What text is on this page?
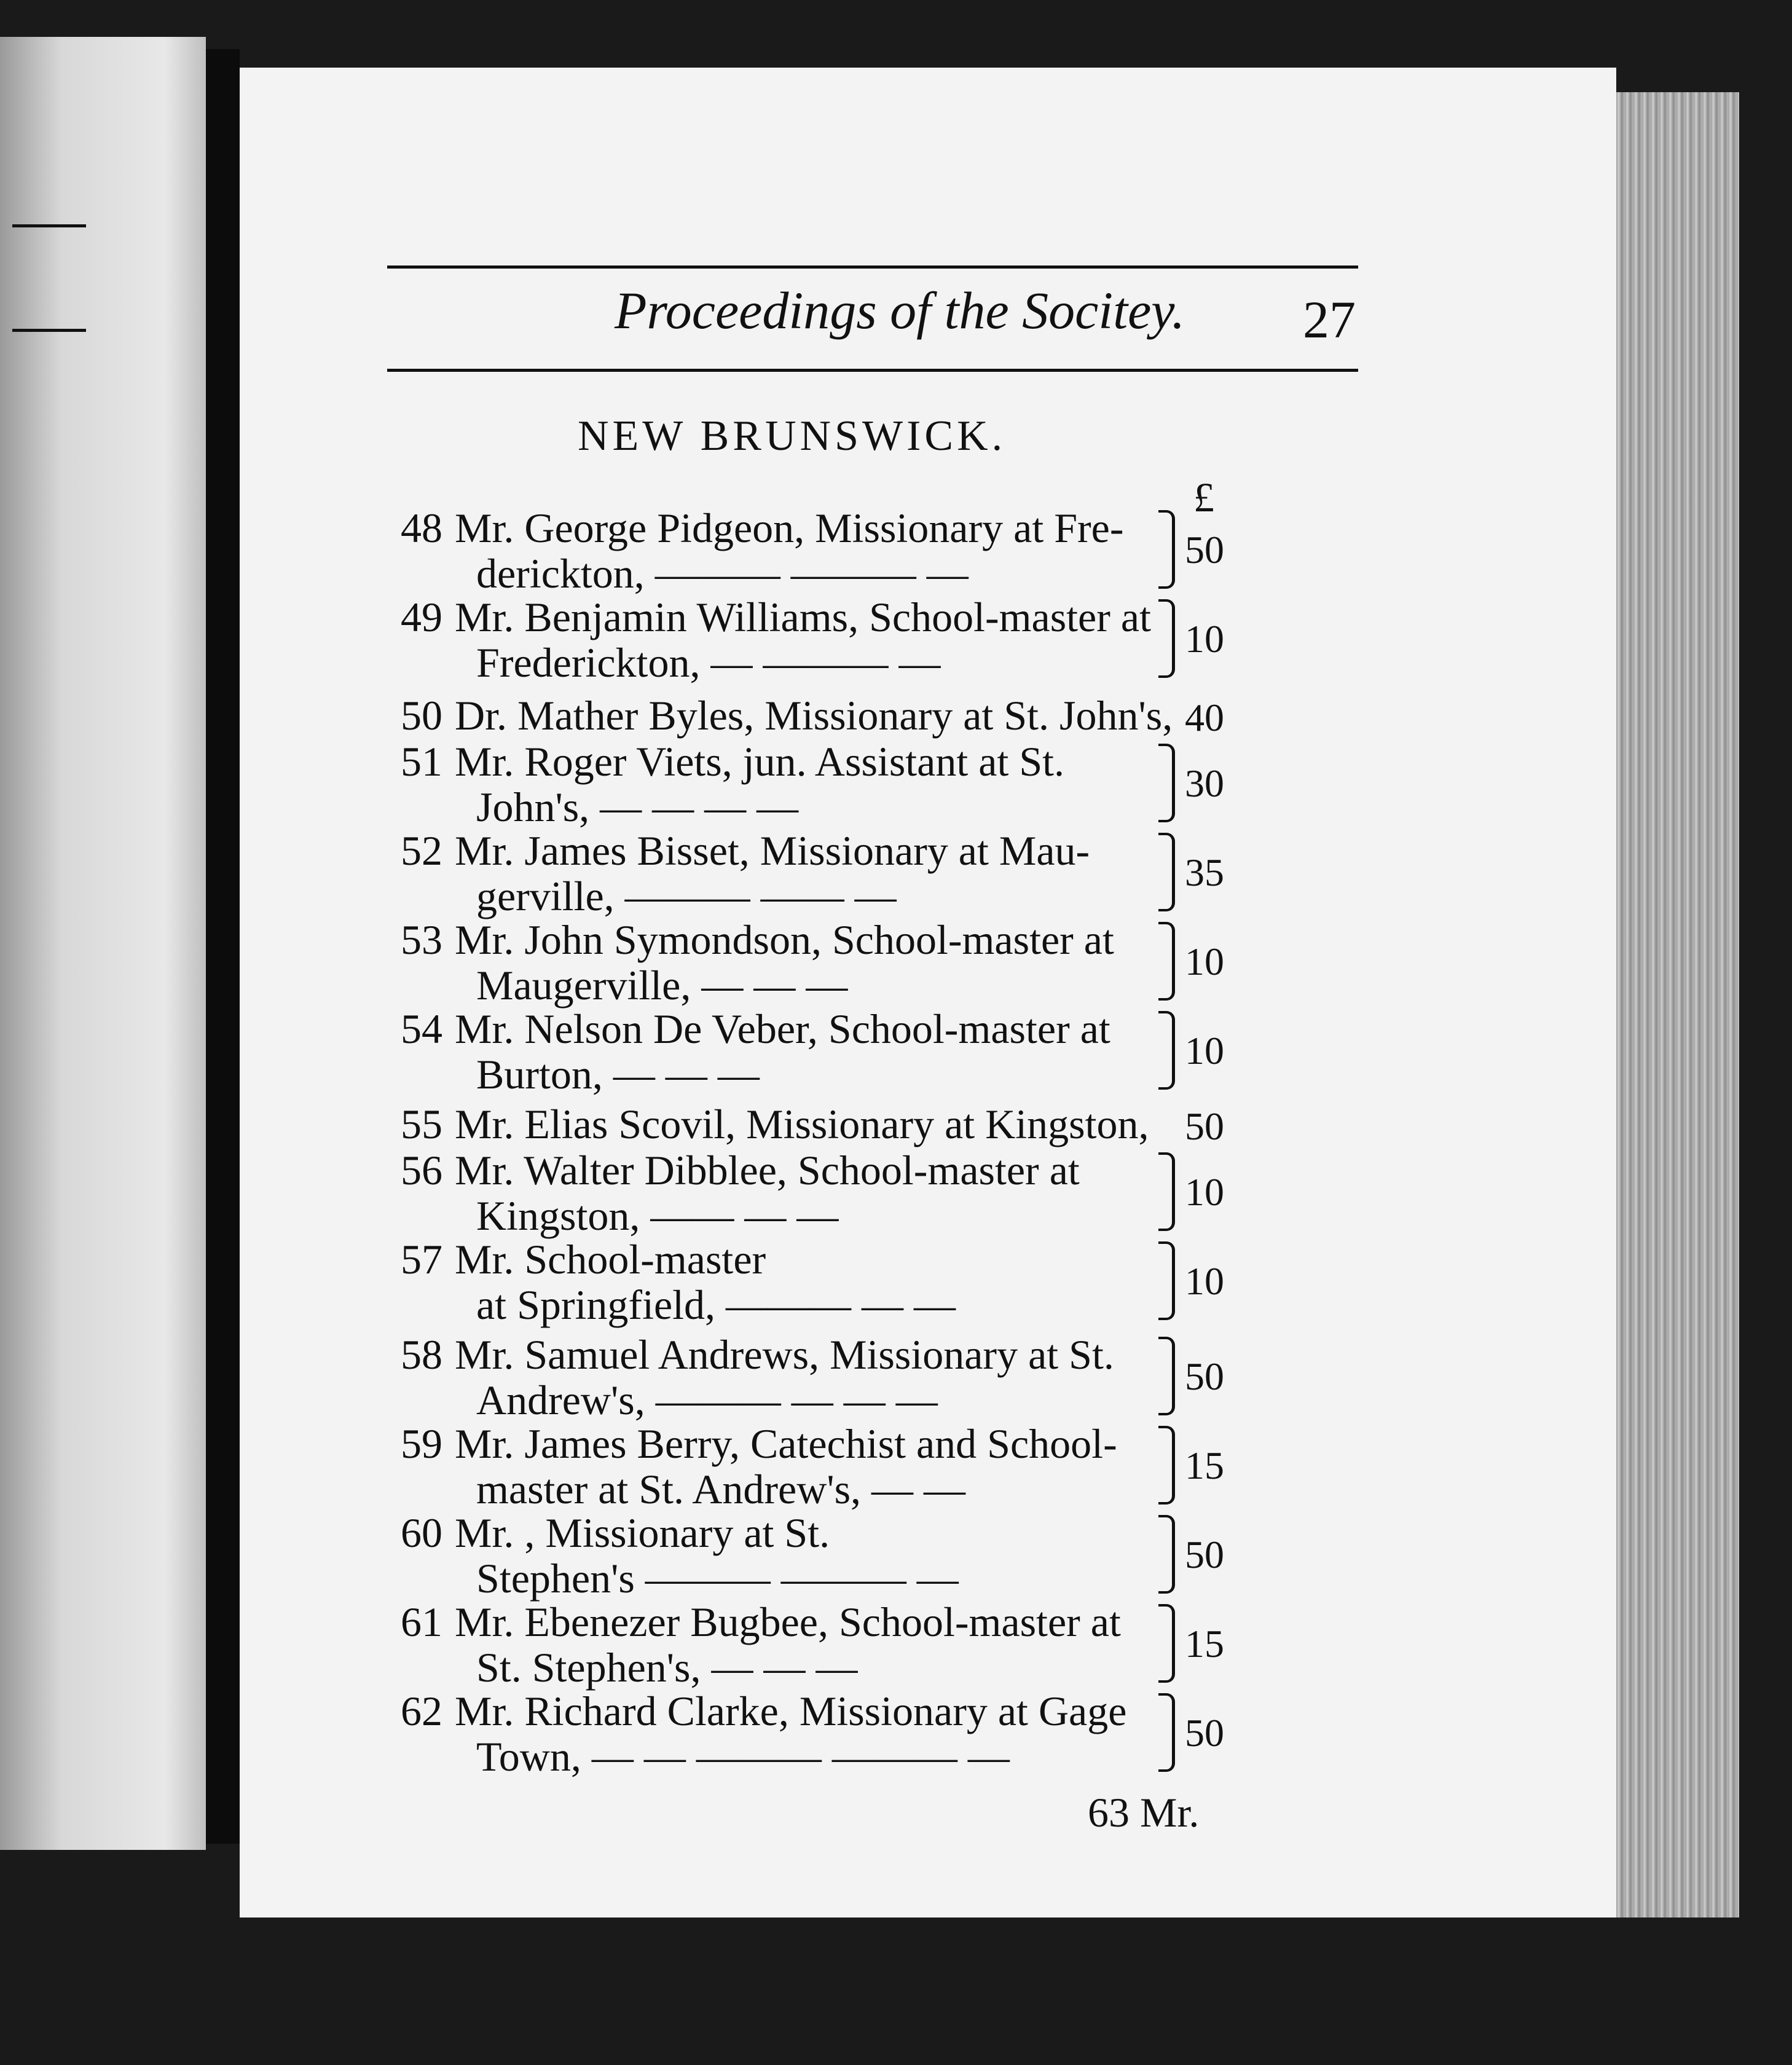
Proceedings of the Socitey. 27
NEW BRUNSWICK.
£
48 Mr. George Pidgeon, Missionary at Fre-
derickton, ——— ——— —
50
49 Mr. Benjamin Williams, School-master at
Frederickton, — ——— —
10
50 Dr. Mather Byles, Missionary at St. John's, 40
51 Mr. Roger Viets, jun. Assistant at St.
John's, — — — —
30
52 Mr. James Bisset, Missionary at Mau-
gerville, ——— —— —
35
53 Mr. John Symondson, School-master at
Maugerville, — — —
10
54 Mr. Nelson De Veber, School-master at
Burton, — — —
10
55 Mr. Elias Scovil, Missionary at Kingston, 50
56 Mr. Walter Dibblee, School-master at
Kingston, —— — —
10
57 Mr. School-master
at Springfield, ——— — —
10
58 Mr. Samuel Andrews, Missionary at St.
Andrew's, ——— — — —
50
59 Mr. James Berry, Catechist and School-
master at St. Andrew's, — —
15
60 Mr. , Missionary at St.
Stephen's ——— ——— —
50
61 Mr. Ebenezer Bugbee, School-master at
St. Stephen's, — — —
15
62 Mr. Richard Clarke, Missionary at Gage
Town, — — ——— ——— —
50
63 Mr.
